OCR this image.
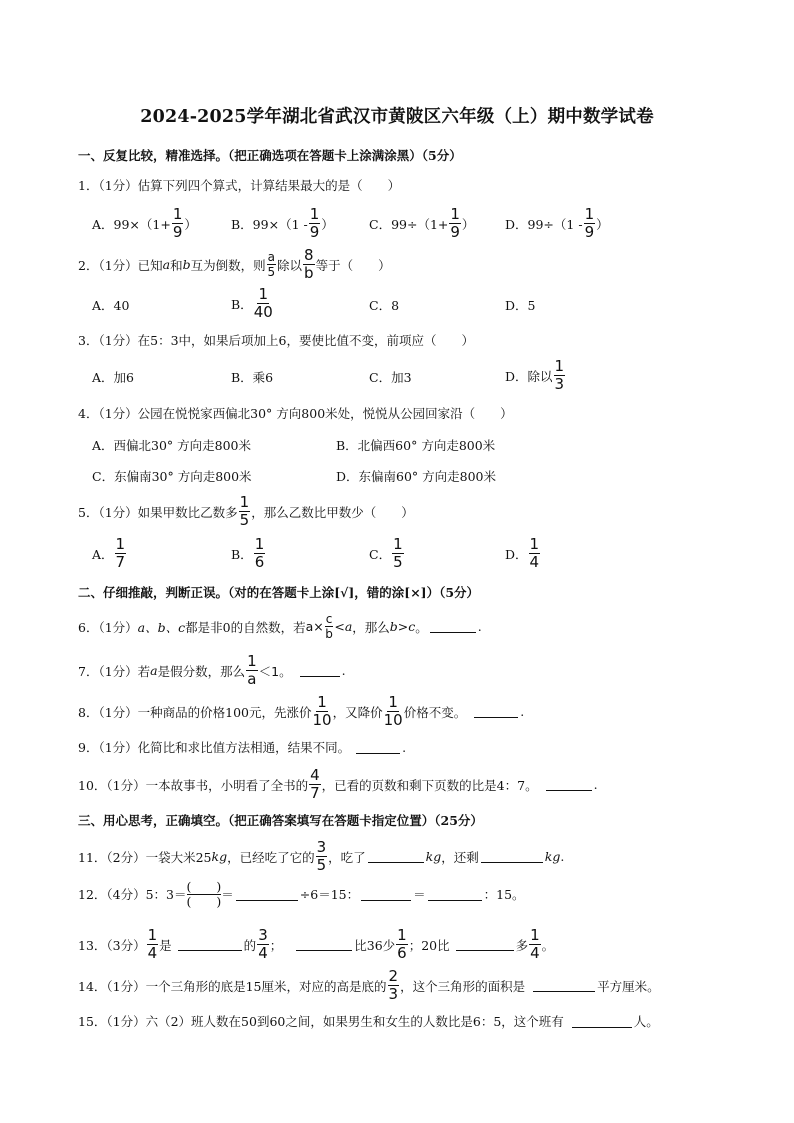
2024-2025学年湖北省武汉市黄陂区六年级（上）期中数学试卷
一、反复比较，精准选择。（把正确选项在答题卡上涂满涂黑）（5分）
1．（1分）估算下列四个算式，计算结果最大的是（　　）
A．$99\times(1+ \frac{1}{9}$ ）	B．$99\times(1 - \frac{1}{9}$ ）	C．$99\div(1+ \frac{1}{9}$ ） D．$99\div(1 - \frac{1}{9}$ ）
2．（1分）已知 a 和 b 互为倒数，则 $\frac{a}{5}$ 除以 $\frac{8}{b}$ 等于（　　）
A．40	B． $\frac{1}{40}$	C．8	D．5
3．（1分）在5：3中，如果后项加上6，要使比值不变，前项应（　　）
A．加6	B．乘6	C．加3	D．除以 $\frac{1}{3}$
4．（1分）公园在悦悦家西偏北30° 方向800米处，悦悦从公园回家沿（　　）
A．西偏北30° 方向走800米	B．北偏西60° 方向走800米
C．东偏南30° 方向走800米	D．东偏南60° 方向走800米
5．（1分）如果甲数比乙数多 $\frac{1}{5}$ ，那么乙数比甲数少（　　）
A． $\frac{1}{7}$	B． $\frac{1}{6}$	C． $\frac{1}{5}$	D． $\frac{1}{4}$
二、仔细推敲，判断正误。（对的在答题卡上涂[√]，错的涂[×]）（5分）
6．（1分） a、b、c 都是非0的自然数，若 $a\times \frac{c}{b} < a$ ，那么 b>c 。	.
7．（1分）若 a 是假分数，那么 $\frac{1}{a} <1$。	.
8．（1分）一种商品的价格100元，先涨价 $\frac{1}{10}$ ，又降价 $\frac{1}{10}$ 价格不变。	.
9．（1分）化简比和求比值方法相通，结果不同。	.
10．（1分）一本故事书，小明看了全书的 $\frac{4}{7}$ ，已看的页数和剩下页数的比是4：7。	.
三、用心思考，正确填空。（把正确答案填写在答题卡指定位置）（25分）
11．（2分）一袋大米25 kg ，已经吃了它的 $\frac{3}{5}$ ，吃了	kg ，还剩	kg .
12．（4分）5：3＝
(　　)
(　　) ＝	÷6＝15：	＝	：15。
13．（3分） $\frac{1}{4}$ 是	的 $\frac{3}{4}$ ；	比36少 $\frac{1}{6}$ ；20比	多 $\frac{1}{4}$ 。
14．（1分）一个三角形的底是15厘米，对应的高是底的 $\frac{2}{3}$ ，这个三角形的面积是	平方厘米。
15．（1分）六（2）班人数在50到60之间，如果男生和女生的人数比是6：5，这个班有	人。
